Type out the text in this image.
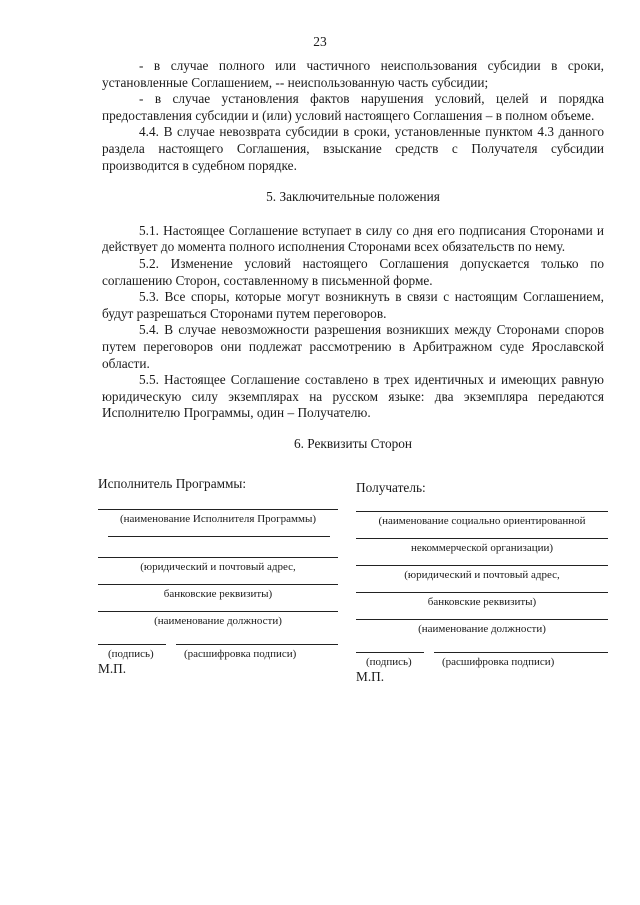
23

- в случае полного или частичного неиспользования субсидии в сроки, установленные Соглашением, -- неиспользованную часть субсидии;

- в случае установления фактов нарушения условий, целей и порядка предоставления субсидии и (или) условий настоящего Соглашения – в полном объеме.

4.4. В случае невозврата субсидии в сроки, установленные пунктом 4.3 данного раздела настоящего Соглашения, взыскание средств с Получателя субсидии производится в судебном порядке.

5. Заключительные положения

5.1. Настоящее Соглашение вступает в силу со дня его подписания Сторонами и действует до момента полного исполнения Сторонами всех обязательств по нему.

5.2. Изменение условий настоящего Соглашения допускается только по соглашению Сторон, составленному в письменной форме.

5.3. Все споры, которые могут возникнуть в связи с настоящим Соглашением, будут разрешаться Сторонами путем переговоров.

5.4. В случае невозможности разрешения возникших между Сторонами споров путем переговоров они подлежат рассмотрению в Арбитражном суде Ярославской области.

5.5. Настоящее Соглашение составлено в трех идентичных и имеющих равную юридическую силу экземплярах на русском языке: два экземпляра передаются Исполнителю Программы, один – Получателю.

6. Реквизиты Сторон

Исполнитель Программы:
(наименование Исполнителя Программы)
(юридический и почтовый адрес,
банковские реквизиты)
(наименование должности)
(подпись)	(расшифровка подписи)
М.П.
Получатель:
(наименование социально ориентированной
некоммерческой организации)
(юридический и почтовый адрес,
банковские реквизиты)
(наименование должности)
(подпись)	(расшифровка подписи)
М.П.
